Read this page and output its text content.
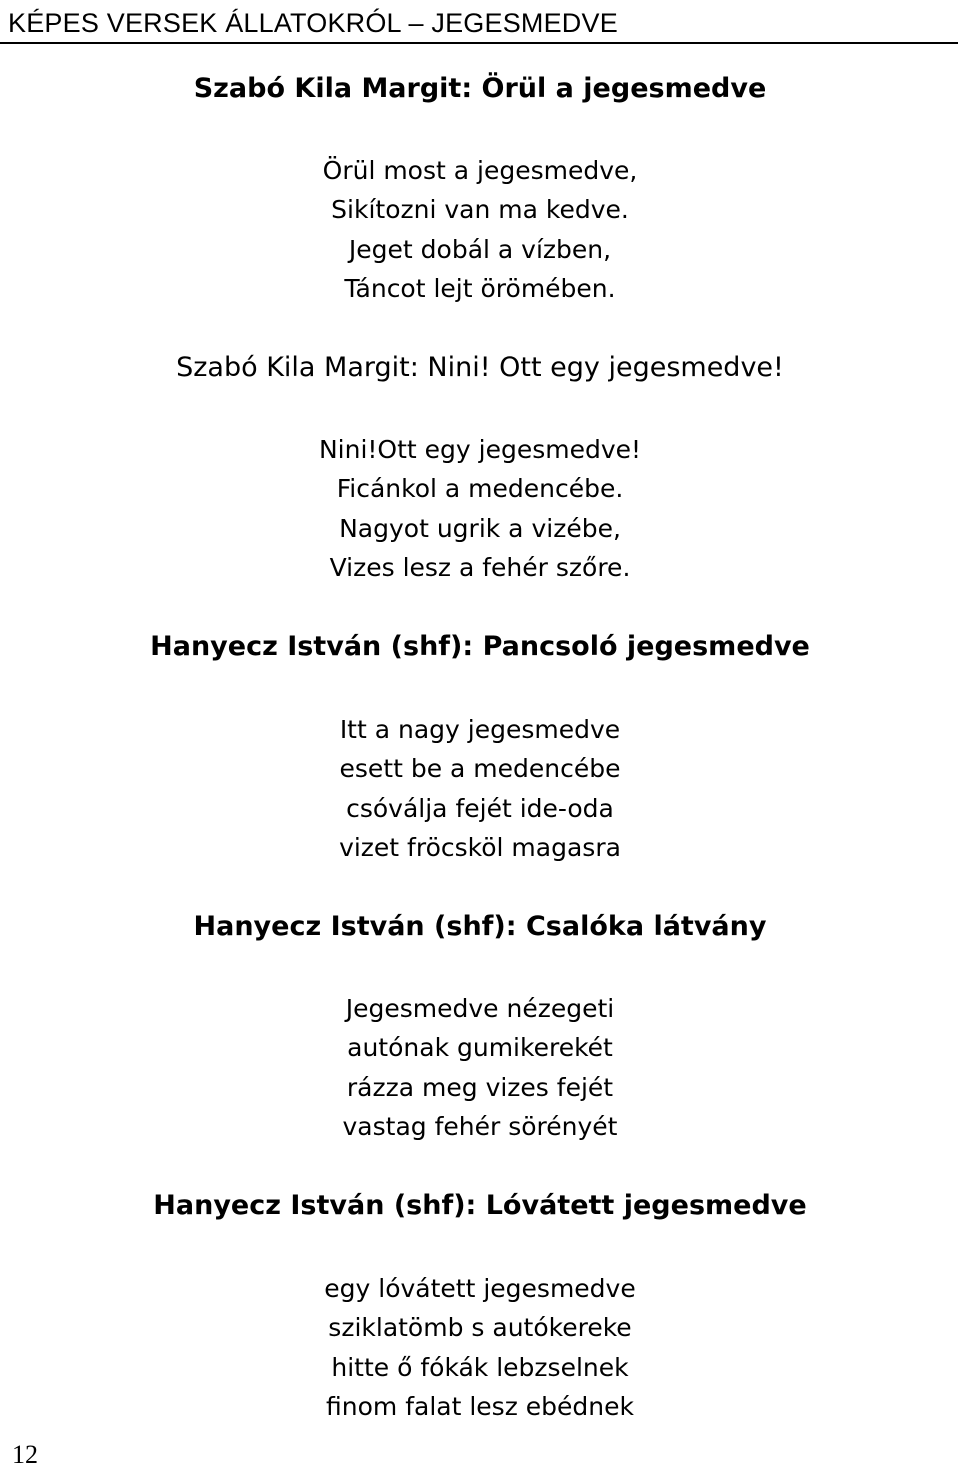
KÉPES VERSEK ÁLLATOKRÓL – JEGESMEDVE
Szabó Kila Margit: Örül a jegesmedve
Örül most a jegesmedve,
Sikítozni van ma kedve.
Jeget dobál a vízben,
Táncot lejt örömében.
Szabó Kila Margit: Nini! Ott egy jegesmedve!
Nini!Ott egy jegesmedve!
Ficánkol a medencébe.
Nagyot ugrik a vizébe,
Vizes lesz a fehér szőre.
Hanyecz István (shf): Pancsoló jegesmedve
Itt a nagy jegesmedve
esett be a medencébe
csóválja fejét ide-oda
vizet fröcsköl magasra
Hanyecz István (shf): Csalóka látvány
Jegesmedve nézegeti
autónak gumikerekét
rázza meg vizes fejét
vastag fehér sörényét
Hanyecz István (shf): Lóvátett jegesmedve
egy lóvátett jegesmedve
sziklatömb s autókereke
hitte ő fókák lebzselnek
finom falat lesz ebédnek
12
